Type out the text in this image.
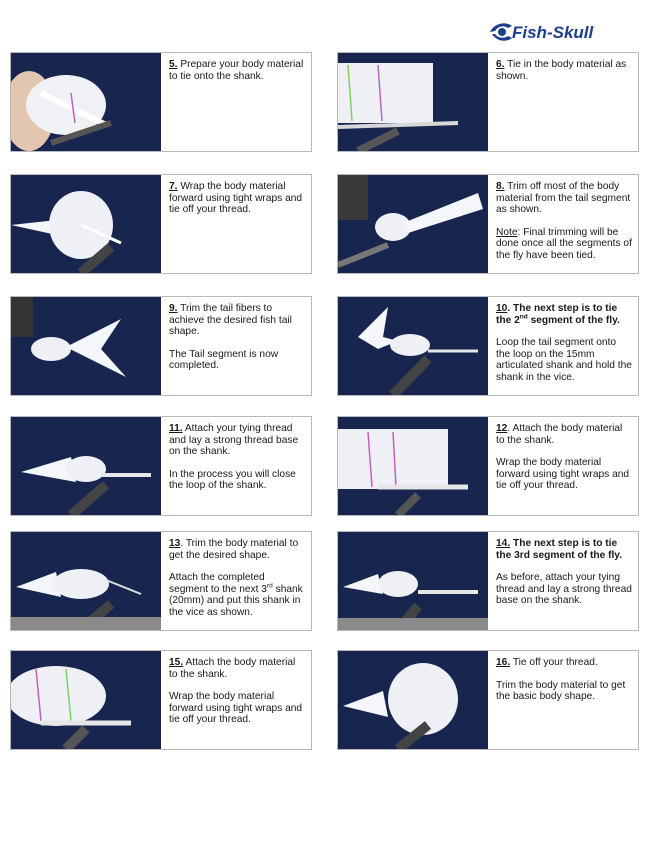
Fish-Skull

5. Prepare your body material to tie onto the shank.

6. Tie in the body material as shown.

7. Wrap the body material forward using tight wraps and tie off your thread.

8. Trim off most of the body material from the tail segment as shown.

Note: Final trimming will be done once all the segments of the fly have been tied.

9. Trim the tail fibers to achieve the desired fish tail shape.

The Tail segment is now completed.

10. The next step is to tie the 2nd segment of the fly.

Loop the tail segment onto the loop on the 15mm articulated shank and hold the shank in the vice.

11. Attach your tying thread and lay a strong thread base on the shank.

In the process you will close the loop of the shank.

12. Attach the body material to the shank.

Wrap the body material forward using tight wraps and tie off your thread.

13. Trim the body material to get the desired shape.

Attach the completed segment to the next 3rd shank (20mm) and put this shank in the vice as shown.

14. The next step is to tie the 3rd segment of the fly.

As before, attach your tying thread and lay a strong thread base on the shank.

15. Attach the body material to the shank.

Wrap the body material forward using tight wraps and tie off your thread.

16. Tie off your thread.

Trim the body material to get the basic body shape.
